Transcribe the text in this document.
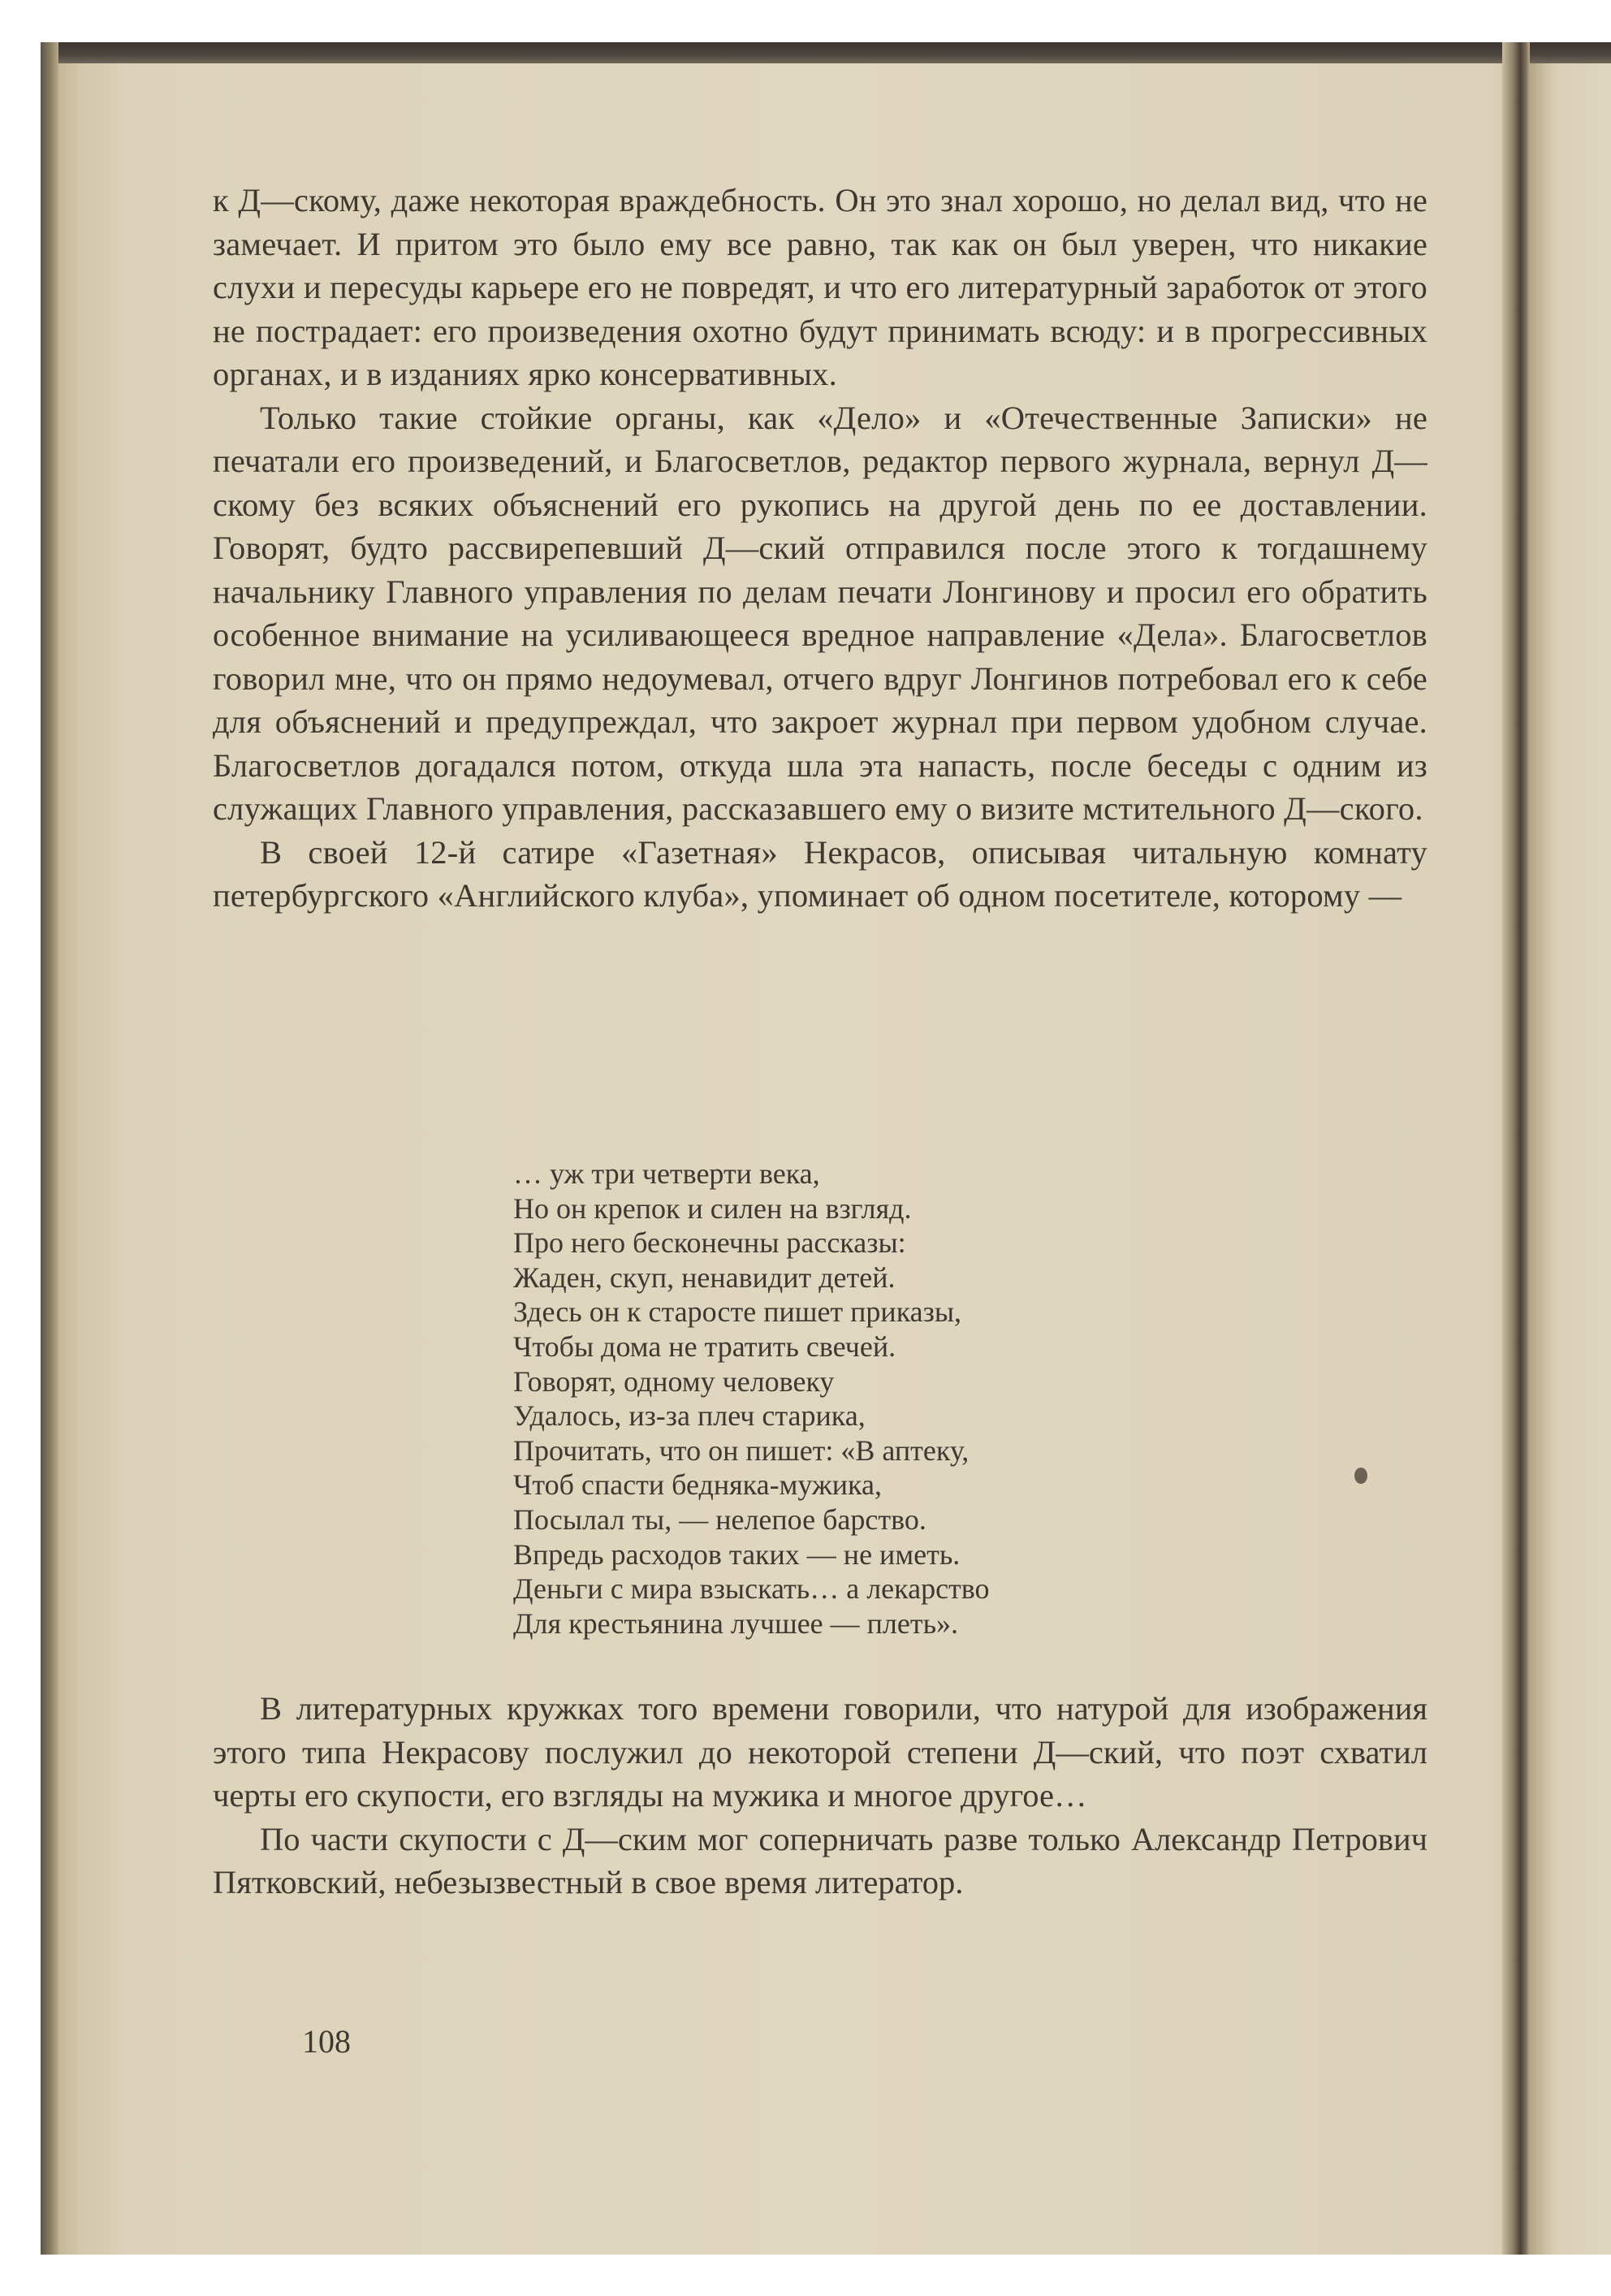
к Д—скому, даже некоторая враждебность. Он это знал хорошо, но делал вид, что не замечает. И притом это было ему все равно, так как он был уверен, что никакие слухи и пересуды карьере его не повредят, и что его литературный заработок от этого не пострадает: его произведения охотно будут принимать всюду: и в прогрессивных органах, и в изданиях ярко консервативных.

Только такие стойкие органы, как «Дело» и «Отечественные Записки» не печатали его произведений, и Благосветлов, редактор первого журнала, вернул Д—скому без всяких объяснений его рукопись на другой день по ее доставлении. Говорят, будто рассвирепевший Д—ский отправился после этого к тогдашнему начальнику Главного управления по делам печати Лонгинову и просил его обратить особенное внимание на усиливающееся вредное направление «Дела». Благосветлов говорил мне, что он прямо недоумевал, отчего вдруг Лонгинов потребовал его к себе для объяснений и предупреждал, что закроет журнал при первом удобном случае. Благосветлов догадался потом, откуда шла эта напасть, после беседы с одним из служащих Главного управления, рассказавшего ему о визите мстительного Д—ского.

В своей 12-й сатире «Газетная» Некрасов, описывая читальную комнату петербургского «Английского клуба», упоминает об одном посетителе, которому —

… уж три четверти века,
Но он крепок и силен на взгляд.
Про него бесконечны рассказы:
Жаден, скуп, ненавидит детей.
Здесь он к старосте пишет приказы,
Чтобы дома не тратить свечей.
Говорят, одному человеку
Удалось, из-за плеч старика,
Прочитать, что он пишет: «В аптеку,
Чтоб спасти бедняка-мужика,
Посылал ты, — нелепое барство.
Впредь расходов таких — не иметь.
Деньги с мира взыскать… а лекарство
Для крестьянина лучшее — плеть».

В литературных кружках того времени говорили, что натурой для изображения этого типа Некрасову послужил до некоторой степени Д—ский, что поэт схватил черты его скупости, его взгляды на мужика и многое другое…

По части скупости с Д—ским мог соперничать разве только Александр Петрович Пятковский, небезызвестный в свое время литератор.

108
